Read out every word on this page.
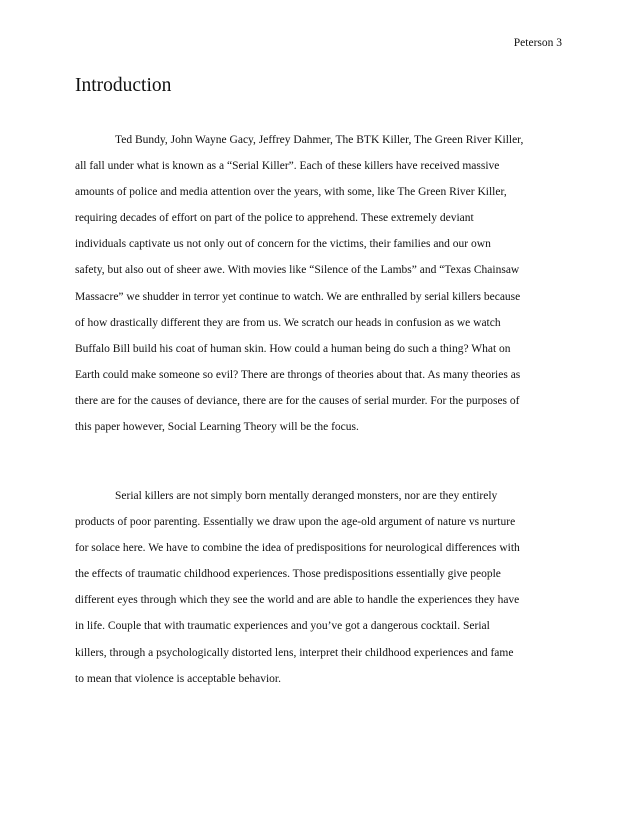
Peterson 3
Introduction
Ted Bundy, John Wayne Gacy, Jeffrey Dahmer, The BTK Killer, The Green River Killer,
all fall under what is known as a “Serial Killer”. Each of these killers have received massive
amounts of police and media attention over the years, with some, like The Green River Killer,
requiring decades of effort on part of the police to apprehend. These extremely deviant
individuals captivate us not only out of concern for the victims, their families and our own
safety, but also out of sheer awe. With movies like “Silence of the Lambs” and “Texas Chainsaw
Massacre” we shudder in terror yet continue to watch. We are enthralled by serial killers because
of how drastically different they are from us. We scratch our heads in confusion as we watch
Buffalo Bill build his coat of human skin. How could a human being do such a thing? What on
Earth could make someone so evil? There are throngs of theories about that. As many theories as
there are for the causes of deviance, there are for the causes of serial murder. For the purposes of
this paper however, Social Learning Theory will be the focus.
Serial killers are not simply born mentally deranged monsters, nor are they entirely
products of poor parenting. Essentially we draw upon the age-old argument of nature vs nurture
for solace here. We have to combine the idea of predispositions for neurological differences with
the effects of traumatic childhood experiences. Those predispositions essentially give people
different eyes through which they see the world and are able to handle the experiences they have
in life. Couple that with traumatic experiences and you’ve got a dangerous cocktail. Serial
killers, through a psychologically distorted lens, interpret their childhood experiences and fame
to mean that violence is acceptable behavior.
